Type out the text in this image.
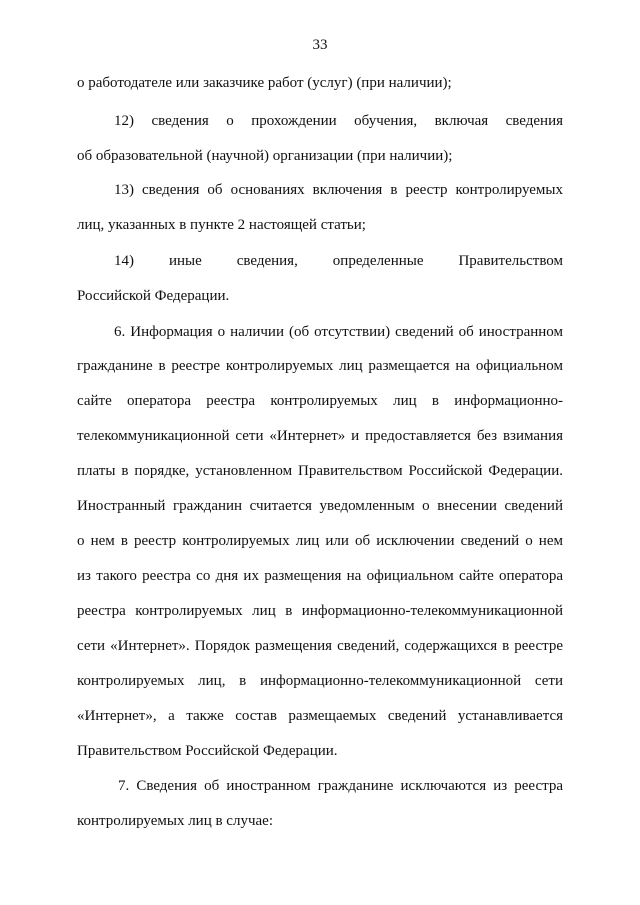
33

о работодателе или заказчике работ (услуг) (при наличии);

12) сведения о прохождении обучения, включая сведения

об образовательной (научной) организации (при наличии);

13) сведения об основаниях включения в реестр контролируемых

лиц, указанных в пункте 2 настоящей статьи;

14) иные сведения, определенные Правительством

Российской Федерации.

6. Информация о наличии (об отсутствии) сведений об иностранном

гражданине в реестре контролируемых лиц размещается на официальном

сайте оператора реестра контролируемых лиц в информационно-

телекоммуникационной сети «Интернет» и предоставляется без взимания

платы в порядке, установленном Правительством Российской Федерации.

Иностранный гражданин считается уведомленным о внесении сведений

о нем в реестр контролируемых лиц или об исключении сведений о нем

из такого реестра со дня их размещения на официальном сайте оператора

реестра контролируемых лиц в информационно-телекоммуникационной

сети «Интернет». Порядок размещения сведений, содержащихся в реестре

контролируемых лиц, в информационно-телекоммуникационной сети

«Интернет», а также состав размещаемых сведений устанавливается

Правительством Российской Федерации.

7. Сведения об иностранном гражданине исключаются из реестра

контролируемых лиц в случае:
